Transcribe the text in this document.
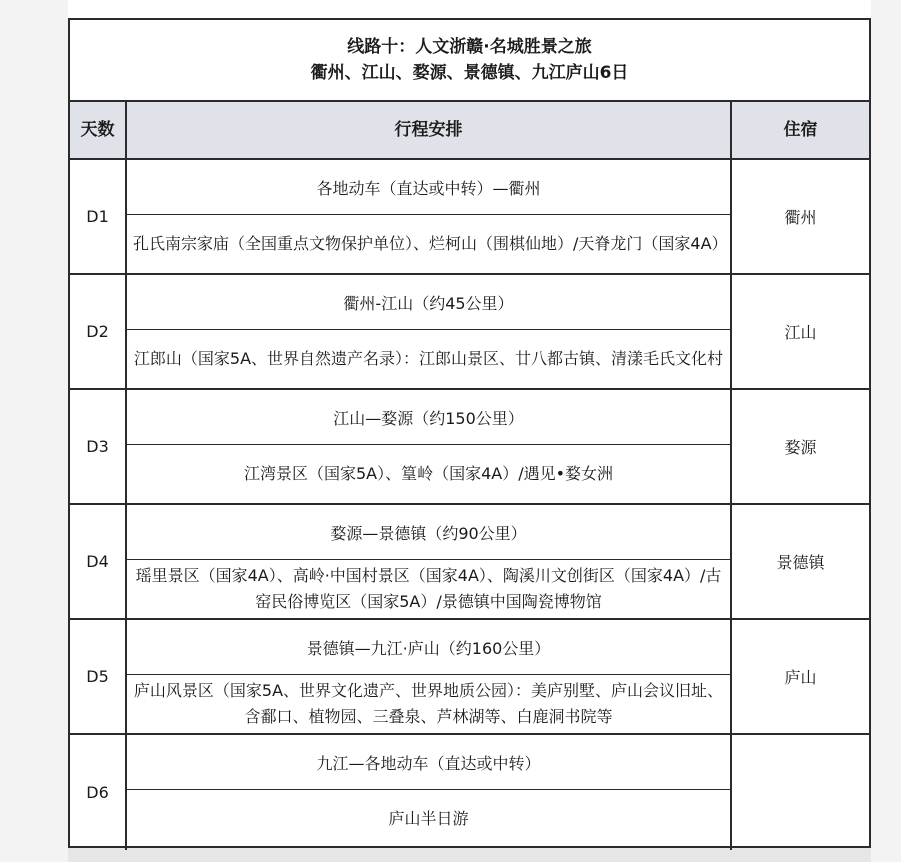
线路十：人文浙赣·名城胜景之旅
衢州、江山、婺源、景德镇、九江庐山6日
天数	行程安排	住宿
D1
各地动车（直达或中转）—衢州
孔氏南宗家庙（全国重点文物保护单位）、烂柯山（围棋仙地）/天脊龙门（国家4A）
衢州
D2
衢州-江山（约45公里）
江郎山（国家5A、世界自然遗产名录）：江郎山景区、廿八都古镇、清漾毛氏文化村
江山
D3
江山—婺源（约150公里）
江湾景区（国家5A）、篁岭（国家4A）/遇见•婺女洲
婺源
D4
婺源—景德镇（约90公里）
瑶里景区（国家4A）、高岭·中国村景区（国家4A）、陶溪川文创街区（国家4A）/古窑民俗博览区（国家5A）/景德镇中国陶瓷博物馆
景德镇
D5
景德镇—九江·庐山（约160公里）
庐山风景区（国家5A、世界文化遗产、世界地质公园）：美庐别墅、庐山会议旧址、含鄱口、植物园、三叠泉、芦林湖等、白鹿洞书院等
庐山
D6
九江—各地动车（直达或中转）
庐山半日游
